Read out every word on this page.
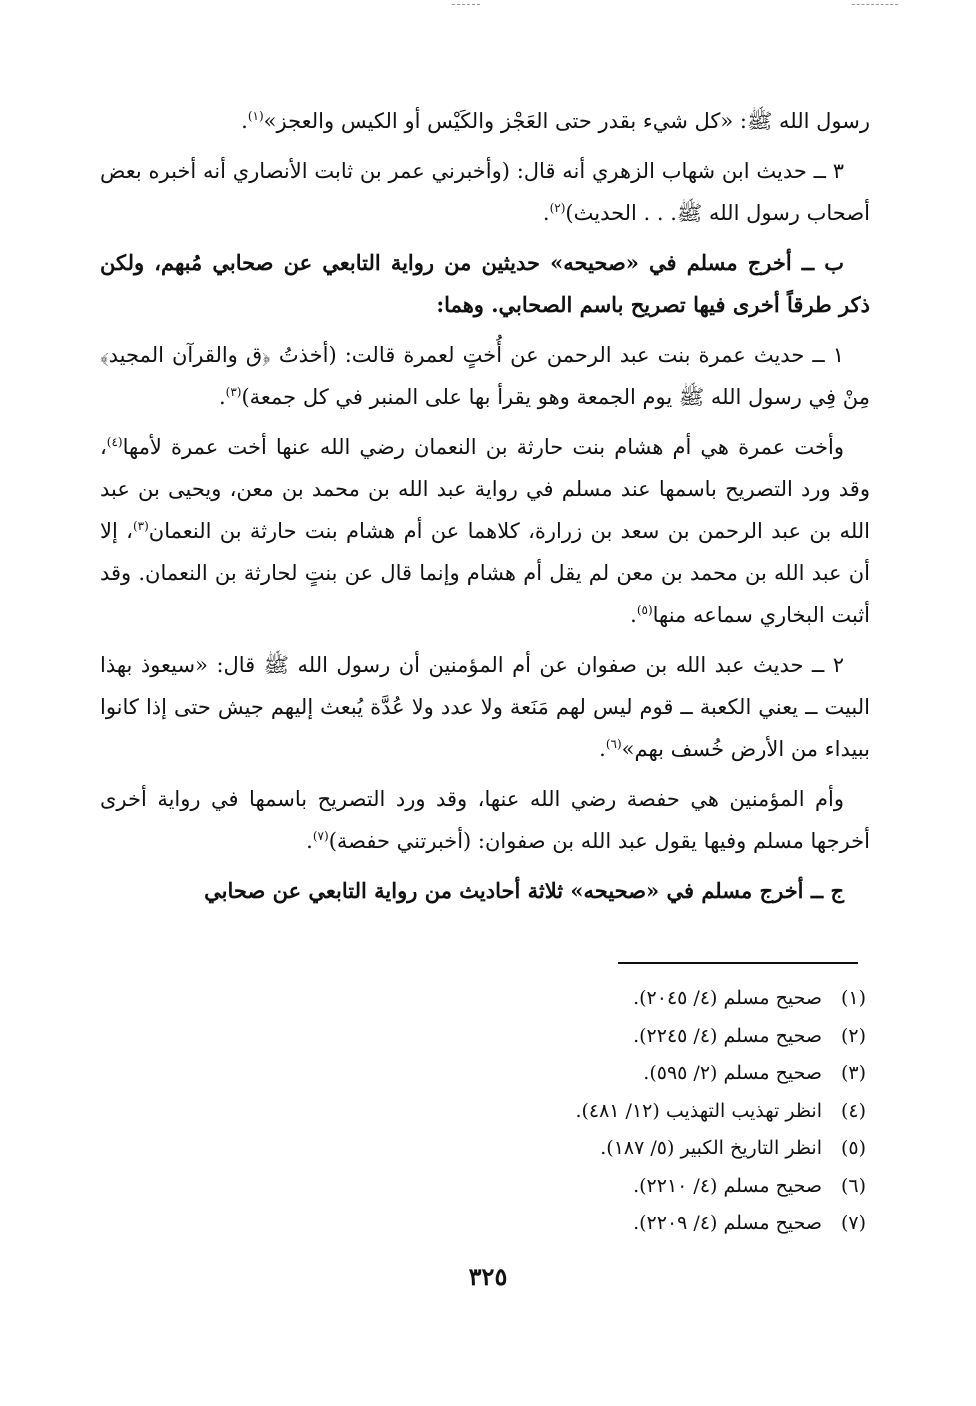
رسول الله ﷺ: «كل شيء بقدر حتى العَجْز والكَيْس أو الكيس والعجز»$^{(١)}$.

٣ ــ حديث ابن شهاب الزهري أنه قال: (وأخبرني عمر بن ثابت الأنصاري أنه أخبره بعض أصحاب رسول الله ﷺ. . . الحديث)$^{(٢)}$.

ب ــ أخرج مسلم في «صحيحه» حديثين من رواية التابعي عن صحابي مُبهم، ولكن ذكر طرقاً أخرى فيها تصريح باسم الصحابي. وهما:

١ ــ حديث عمرة بنت عبد الرحمن عن أُختٍ لعمرة قالت: (أخذتُ ﴿ق والقرآن المجيد﴾ مِنْ فِي رسول الله ﷺ يوم الجمعة وهو يقرأ بها على المنبر في كل جمعة)$^{(٣)}$.

وأخت عمرة هي أم هشام بنت حارثة بن النعمان رضي الله عنها أخت عمرة لأمها$^{(٤)}$، وقد ورد التصريح باسمها عند مسلم في رواية عبد الله بن محمد بن معن، ويحيى بن عبد الله بن عبد الرحمن بن سعد بن زرارة، كلاهما عن أم هشام بنت حارثة بن النعمان$^{(٣)}$، إلا أن عبد الله بن محمد بن معن لم يقل أم هشام وإنما قال عن بنتٍ لحارثة بن النعمان. وقد أثبت البخاري سماعه منها$^{(٥)}$.

٢ ــ حديث عبد الله بن صفوان عن أم المؤمنين أن رسول الله ﷺ قال: «سيعوذ بهذا البيت ــ يعني الكعبة ــ قوم ليس لهم مَنَعة ولا عدد ولا عُدَّة يُبعث إليهم جيش حتى إذا كانوا ببيداء من الأرض خُسف بهم»$^{(٦)}$.

وأم المؤمنين هي حفصة رضي الله عنها، وقد ورد التصريح باسمها في رواية أخرى أخرجها مسلم وفيها يقول عبد الله بن صفوان: (أخبرتني حفصة)$^{(٧)}$.

ج ــ أخرج مسلم في «صحيحه» ثلاثة أحاديث من رواية التابعي عن صحابي

(١)صحيح مسلم (٤/ ٢٠٤٥).
(٢)صحيح مسلم (٤/ ٢٢٤٥).
(٣)صحيح مسلم (٢/ ٥٩٥).
(٤)انظر تهذيب التهذيب (١٢/ ٤٨١).
(٥)انظر التاريخ الكبير (٥/ ١٨٧).
(٦)صحيح مسلم (٤/ ٢٢١٠).
(٧)صحيح مسلم (٤/ ٢٢٠٩).
٣٢٥
